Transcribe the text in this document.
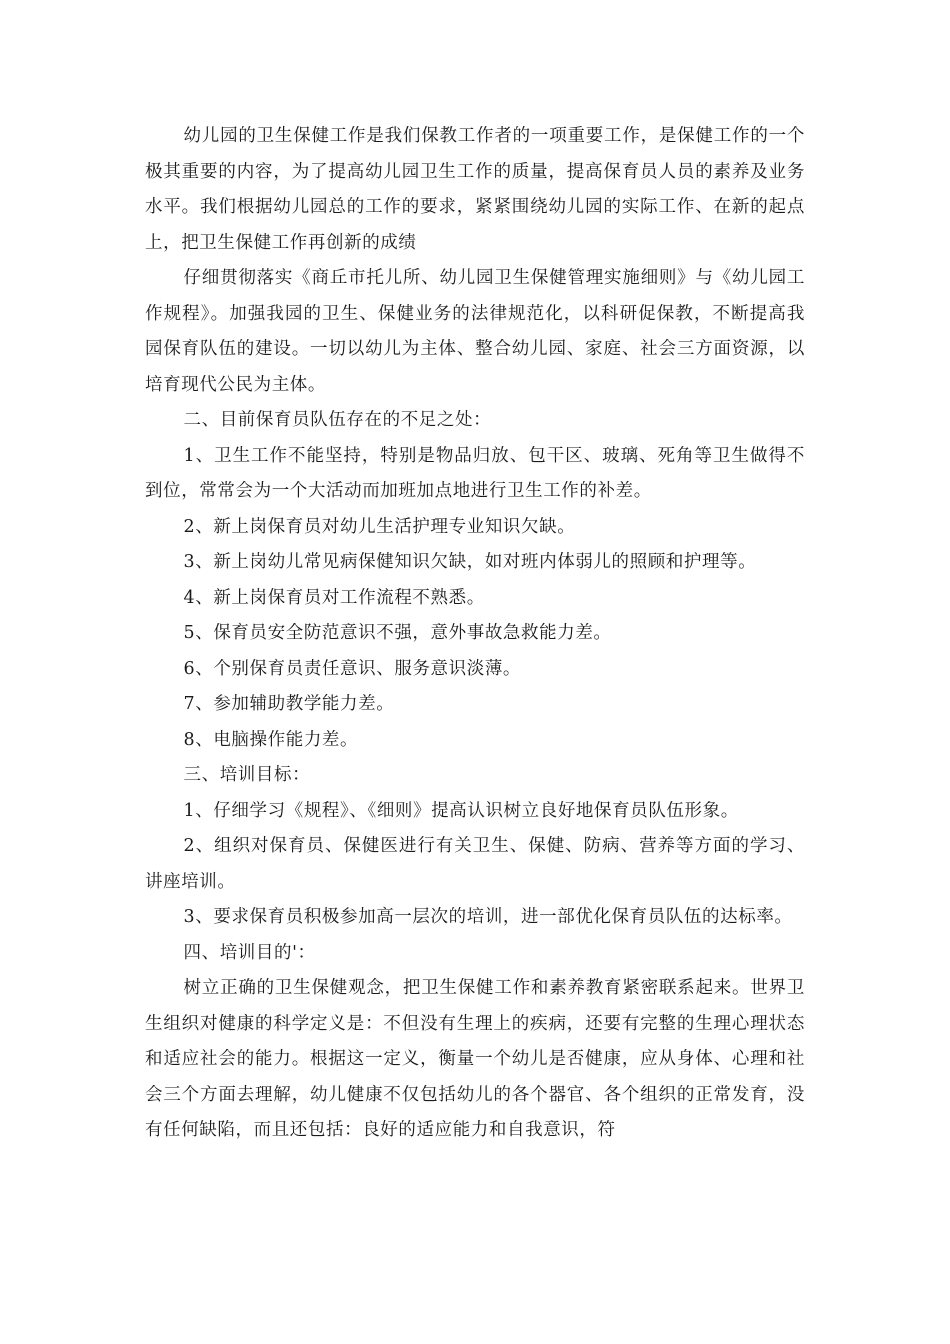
幼儿园的卫生保健工作是我们保教工作者的一项重要工作，是保健工作的一个极其重要的内容，为了提高幼儿园卫生工作的质量，提高保育员人员的素养及业务水平。我们根据幼儿园总的工作的要求，紧紧围绕幼儿园的实际工作、在新的起点上，把卫生保健工作再创新的成绩

仔细贯彻落实《商丘市托儿所、幼儿园卫生保健管理实施细则》与《幼儿园工作规程》。加强我园的卫生、保健业务的法律规范化，以科研促保教，不断提高我园保育队伍的建设。一切以幼儿为主体、整合幼儿园、家庭、社会三方面资源，以培育现代公民为主体。

二、目前保育员队伍存在的不足之处：

1、卫生工作不能坚持，特别是物品归放、包干区、玻璃、死角等卫生做得不到位，常常会为一个大活动而加班加点地进行卫生工作的补差。

2、新上岗保育员对幼儿生活护理专业知识欠缺。

3、新上岗幼儿常见病保健知识欠缺，如对班内体弱儿的照顾和护理等。

4、新上岗保育员对工作流程不熟悉。

5、保育员安全防范意识不强，意外事故急救能力差。

6、个别保育员责任意识、服务意识淡薄。

7、参加辅助教学能力差。

8、电脑操作能力差。

三、培训目标：

1、仔细学习《规程》、《细则》提高认识树立良好地保育员队伍形象。

2、组织对保育员、保健医进行有关卫生、保健、防病、营养等方面的学习、讲座培训。

3、要求保育员积极参加高一层次的培训，进一部优化保育员队伍的达标率。

四、培训目的'：

树立正确的卫生保健观念，把卫生保健工作和素养教育紧密联系起来。世界卫生组织对健康的科学定义是：不但没有生理上的疾病，还要有完整的生理心理状态和适应社会的能力。根据这一定义，衡量一个幼儿是否健康，应从身体、心理和社会三个方面去理解，幼儿健康不仅包括幼儿的各个器官、各个组织的正常发育，没有任何缺陷，而且还包括：良好的适应能力和自我意识，符
